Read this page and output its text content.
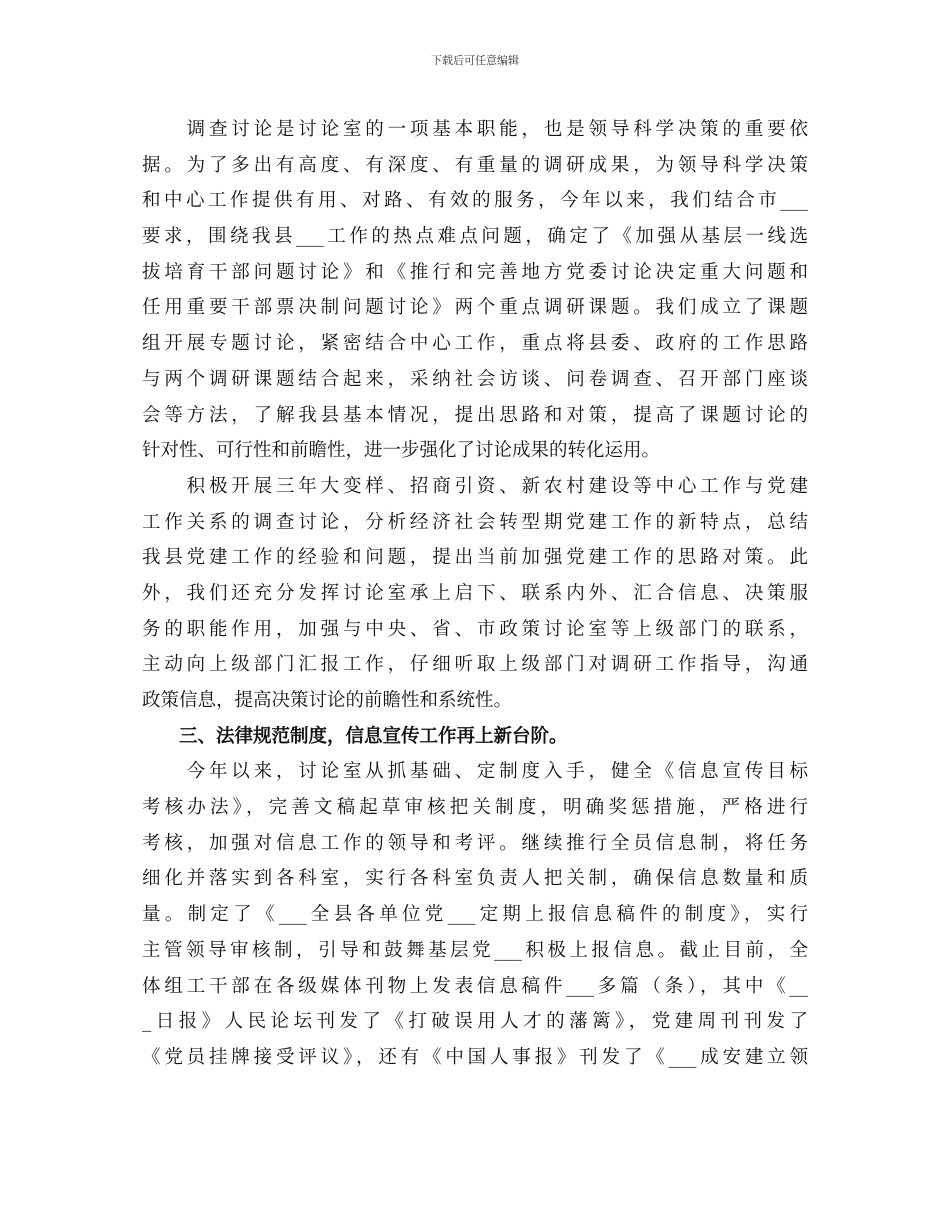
下载后可任意编辑
　　调查讨论是讨论室的一项基本职能，也是领导科学决策的重要依
据。为了多出有高度、有深度、有重量的调研成果，为领导科学决策
和中心工作提供有用、对路、有效的服务，今年以来，我们结合市___
要求，围绕我县___工作的热点难点问题，确定了《加强从基层一线选
拔培育干部问题讨论》和《推行和完善地方党委讨论决定重大问题和
任用重要干部票决制问题讨论》两个重点调研课题。我们成立了课题
组开展专题讨论，紧密结合中心工作，重点将县委、政府的工作思路
与两个调研课题结合起来，采纳社会访谈、问卷调查、召开部门座谈
会等方法，了解我县基本情况，提出思路和对策，提高了课题讨论的
针对性、可行性和前瞻性，进一步强化了讨论成果的转化运用。
　　积极开展三年大变样、招商引资、新农村建设等中心工作与党建
工作关系的调查讨论，分析经济社会转型期党建工作的新特点，总结
我县党建工作的经验和问题，提出当前加强党建工作的思路对策。此
外，我们还充分发挥讨论室承上启下、联系内外、汇合信息、决策服
务的职能作用，加强与中央、省、市政策讨论室等上级部门的联系，
主动向上级部门汇报工作，仔细听取上级部门对调研工作指导，沟通
政策信息，提高决策讨论的前瞻性和系统性。
　　三、法律规范制度，信息宣传工作再上新台阶。
　　今年以来，讨论室从抓基础、定制度入手，健全《信息宣传目标
考核办法》，完善文稿起草审核把关制度，明确奖惩措施，严格进行
考核，加强对信息工作的领导和考评。继续推行全员信息制，将任务
细化并落实到各科室，实行各科室负责人把关制，确保信息数量和质
量。制定了《___全县各单位党___定期上报信息稿件的制度》，实行
主管领导审核制，引导和鼓舞基层党___积极上报信息。截止目前，全
体组工干部在各级媒体刊物上发表信息稿件___多篇（条），其中《__
_日报》人民论坛刊发了《打破误用人才的藩篱》，党建周刊刊发了
《党员挂牌接受评议》，还有《中国人事报》刊发了《___成安建立领
